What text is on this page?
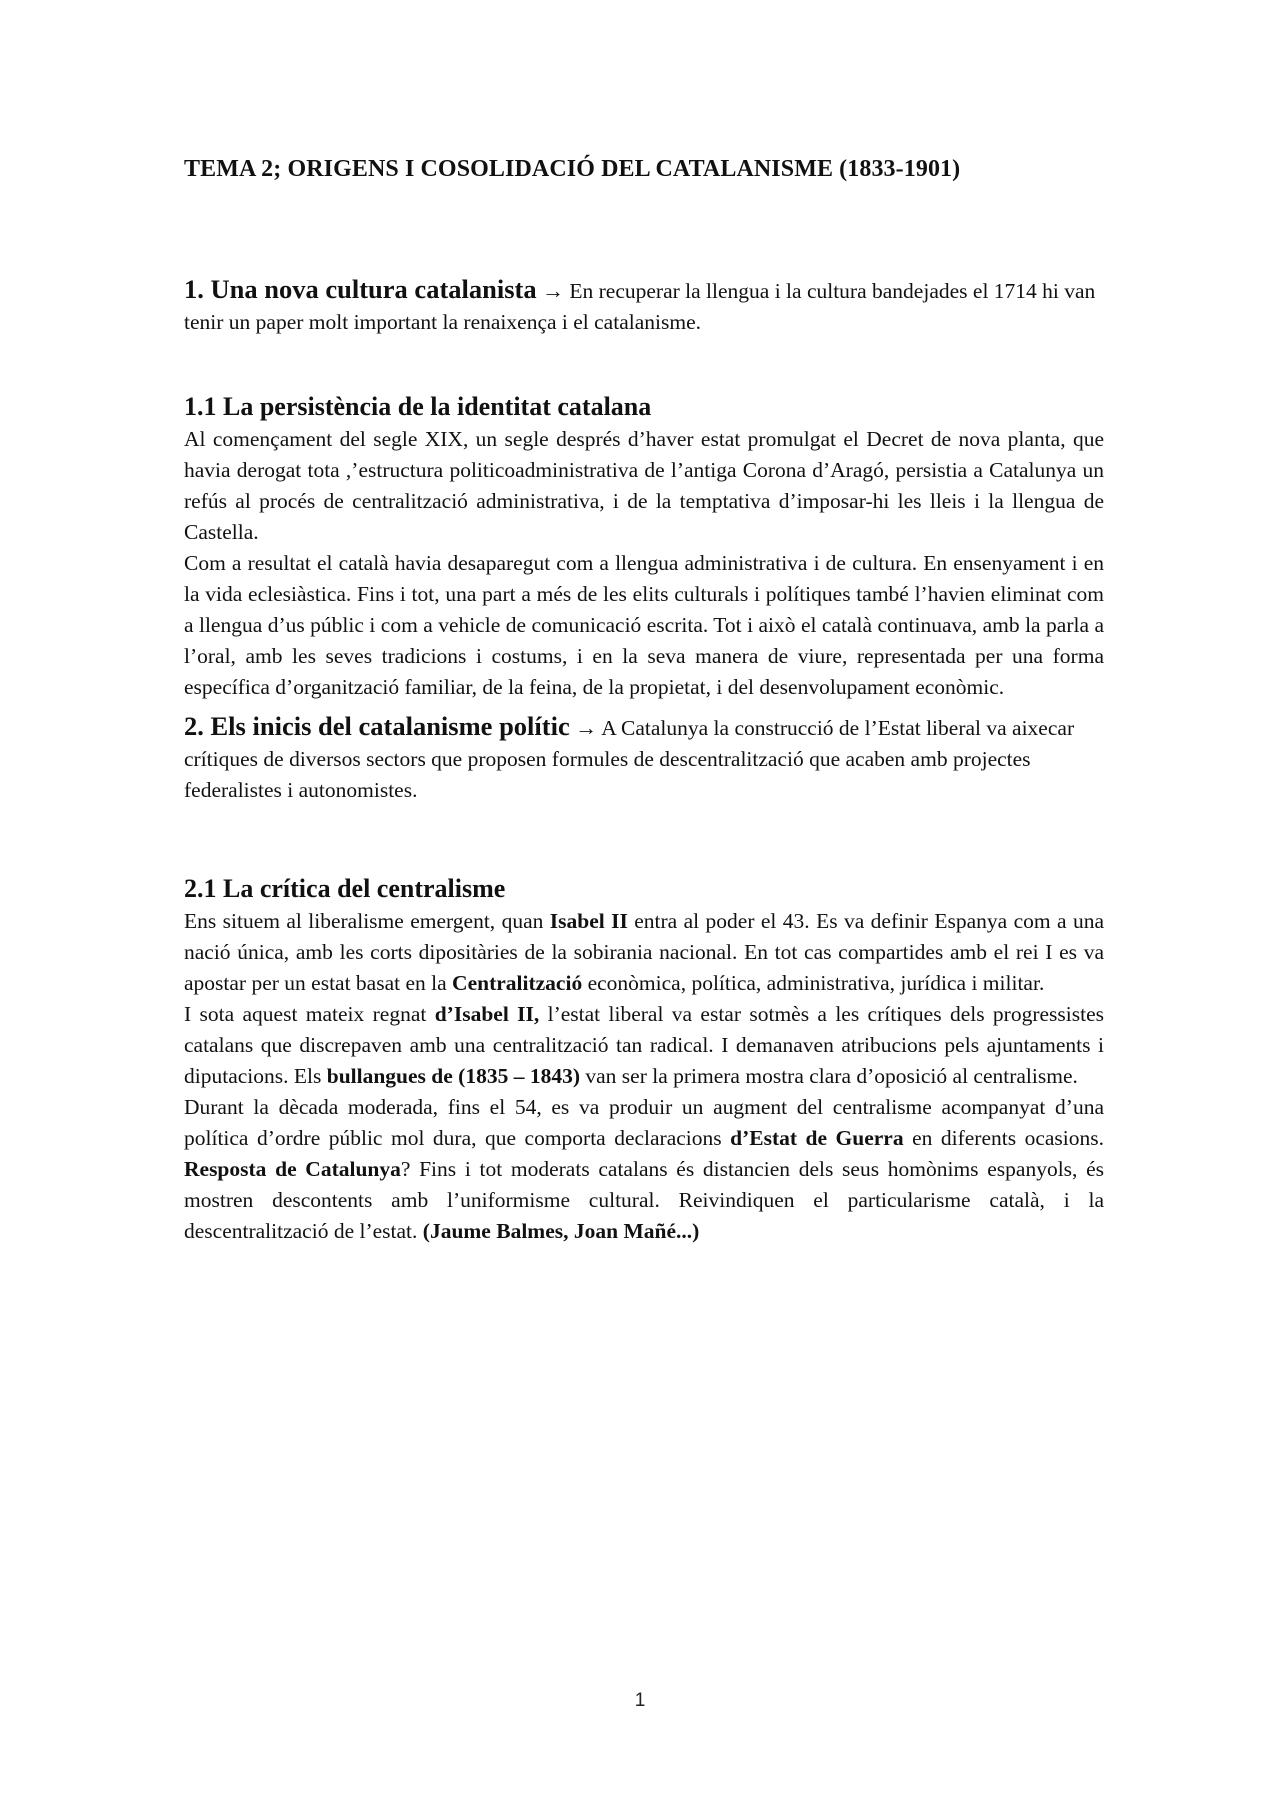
TEMA 2; ORIGENS I COSOLIDACIÓ DEL CATALANISME (1833-1901)

1. Una nova cultura catalanista → En recuperar la llengua i la cultura bandejades el 1714 hi van tenir un paper molt important la renaixença i el catalanisme.

1.1 La persistència de la identitat catalana

Al començament del segle XIX, un segle després d’haver estat promulgat el Decret de nova planta, que havia derogat tota ,’estructura politicoadministrativa de l’antiga Corona d’Aragó, persistia a Catalunya un refús al procés de centralització administrativa, i de la temptativa d’imposar-hi les lleis i la llengua de Castella.

Com a resultat el català havia desaparegut com a llengua administrativa i de cultura. En ensenyament i en la vida eclesiàstica. Fins i tot, una part a més de les elits culturals i polítiques també l’havien eliminat com a llengua d’us públic i com a vehicle de comunicació escrita. Tot i això el català continuava, amb la parla a l’oral, amb les seves tradicions i costums, i en la seva manera de viure, representada per una forma específica d’organització familiar, de la feina, de la propietat, i del desenvolupament econòmic.

2. Els inicis del catalanisme polític → A Catalunya la construcció de l’Estat liberal va aixecar crítiques de diversos sectors que proposen formules de descentralització que acaben amb projectes federalistes i autonomistes.

2.1 La crítica del centralisme

Ens situem al liberalisme emergent, quan Isabel II entra al poder el 43. Es va definir Espanya com a una nació única, amb les corts dipositàries de la sobirania nacional. En tot cas compartides amb el rei I es va apostar per un estat basat en la Centralització econòmica, política, administrativa, jurídica i militar.

I sota aquest mateix regnat d’Isabel II, l’estat liberal va estar sotmès a les crítiques dels progressistes catalans que discrepaven amb una centralització tan radical. I demanaven atribucions pels ajuntaments i diputacions. Els bullangues de (1835 – 1843) van ser la primera mostra clara d’oposició al centralisme.

Durant la dècada moderada, fins el 54, es va produir un augment del centralisme acompanyat d’una política d’ordre públic mol dura, que comporta declaracions d’Estat de Guerra en diferents ocasions. Resposta de Catalunya? Fins i tot moderats catalans és distancien dels seus homònims espanyols, és mostren descontents amb l’uniformisme cultural. Reivindiquen el particularisme català, i la descentralització de l’estat. (Jaume Balmes, Joan Mañé...)

1
